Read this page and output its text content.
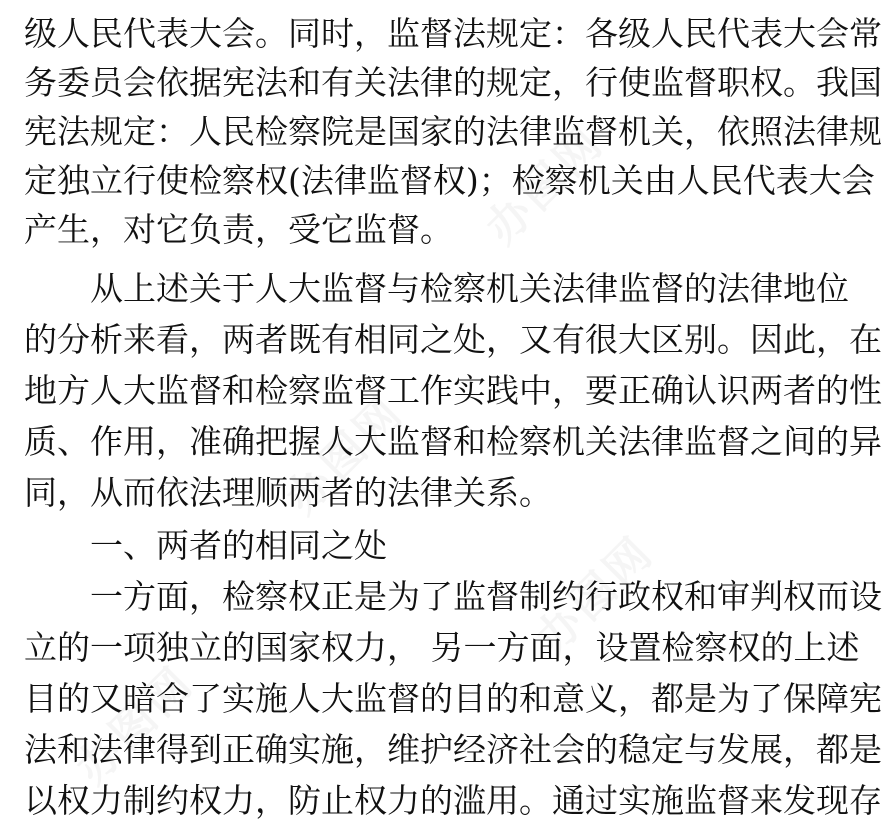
办图网
办图网
办图网
办图网
级人民代表大会。同时，监督法规定：各级人民代表大会常
务委员会依据宪法和有关法律的规定，行使监督职权。我国
宪法规定：人民检察院是国家的法律监督机关，依照法律规
定独立行使检察权(法律监督权)；检察机关由人民代表大会
产生，对它负责，受它监督。
从上述关于人大监督与检察机关法律监督的法律地位
的分析来看，两者既有相同之处，又有很大区别。因此，在
地方人大监督和检察监督工作实践中，要正确认识两者的性
质、作用，准确把握人大监督和检察机关法律监督之间的异
同，从而依法理顺两者的法律关系。
一、两者的相同之处
一方面，检察权正是为了监督制约行政权和审判权而设
立的一项独立的国家权力， 另一方面，设置检察权的上述
目的又暗合了实施人大监督的目的和意义，都是为了保障宪
法和法律得到正确实施，维护经济社会的稳定与发展，都是
以权力制约权力，防止权力的滥用。通过实施监督来发现存
